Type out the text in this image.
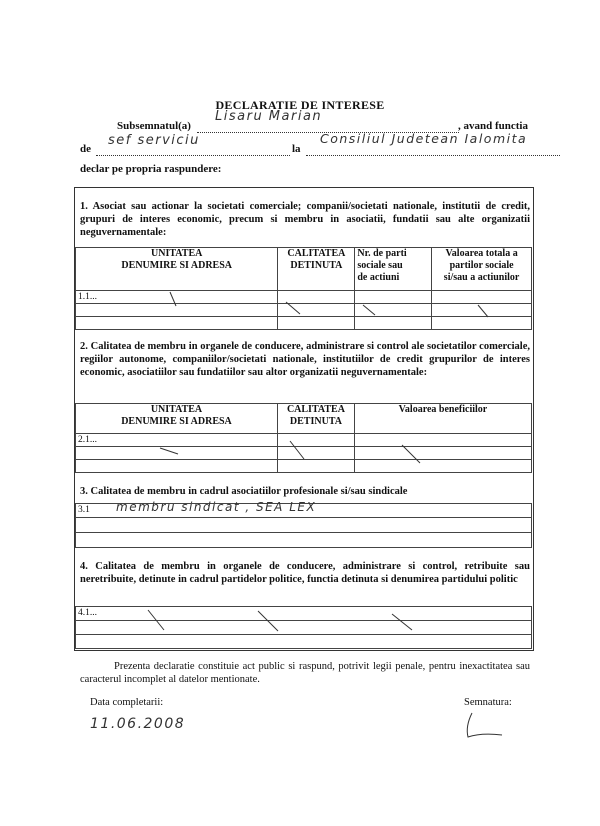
DECLARATIE DE INTERESE
Subsemnatul(a)
Lisaru Marian
, avand functia
de
sef serviciu
la
Consiliul Judetean Ialomita
declar pe propria raspundere:
1. Asociat sau actionar la societati comerciale; companii/societati nationale, institutii de credit, grupuri de interes economic, precum si membru in asociatii, fundatii sau alte organizatii neguvernamentale:
UNITATEA
DENUMIRE SI ADRESA	CALITATEA
DETINUTA	Nr. de parti
sociale sau
de actiuni	Valoarea totala a
partilor sociale
si/sau a actiunilor
1.1...			

2. Calitatea de membru in organele de conducere, administrare si control ale societatilor comerciale, regiilor autonome, companiilor/societati nationale, institutiilor de credit grupurilor de interes economic, asociatiilor sau fundatiilor sau altor organizatii neguvernamentale:
UNITATEA
DENUMIRE SI ADRESA	CALITATEA
DETINUTA	Valoarea beneficiilor
2.1...		

3. Calitatea de membru in cadrul asociatiilor profesionale si/sau sindicale
3.1 membru sindicat , SEA LEX

4. Calitatea de membru in organele de conducere, administrare si control, retribuite sau neretribuite, detinute in cadrul partidelor politice, functia detinuta si denumirea partidului politic
4.1...

Prezenta declaratie constituie act public si raspund, potrivit legii penale, pentru inexactitatea sau caracterul incomplet al datelor mentionate.
Data completarii:
11.06.2008
Semnatura:
